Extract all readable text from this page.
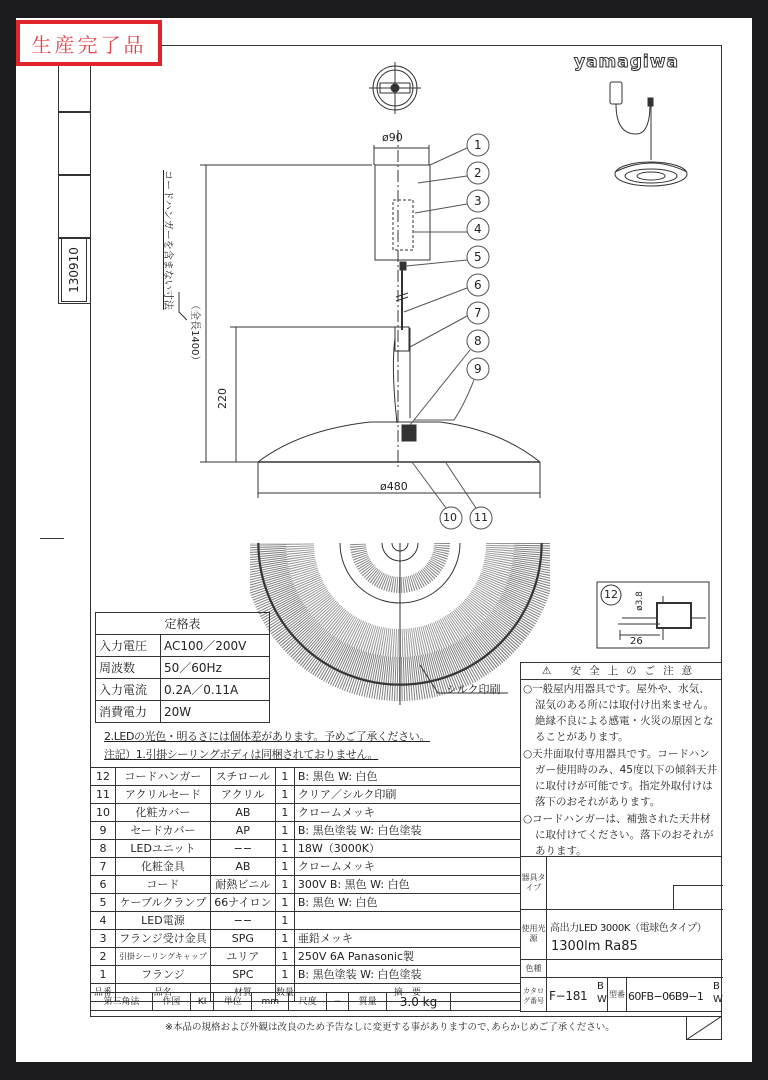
130910
生産完了品
yamagiwa
ø90
ø480
220
（全長1400）
コードハンガーを含まない寸法
1
2
3
4
5
6
7
8
9
10 11
12
シルク印刷
ø3.8
26
定格表	
入力電圧	AC100／200V
周波数	50／60Hz
入力電流	0.2A／0.11A
消費電力	20W
2.LEDの光色・明るさには個体差があります。予めご了承ください。
注記）1.引掛シーリングボディは同梱されておりません。
12	コードハンガー	スチロール	1	B: 黒色 W: 白色
11	アクリルセード	アクリル	1	クリア／シルク印刷
10	化粧カバー	AB	1	クロームメッキ
9	セードカバー	AP	1	B: 黒色塗装 W: 白色塗装
8	LEDユニット	−−	1	18W（3000K）
7	化粧金具	AB	1	クロームメッキ
6	コード	耐熱ビニル	1	300V B: 黒色 W: 白色
5	ケーブルクランプ	66ナイロン	1	B: 黒色 W: 白色
4	LED電源	−−	1	
3	フランジ受け金具	SPG	1	亜鉛メッキ
2	引掛シーリングキャップ	ユリア	1	250V 6A Panasonic製
1	フランジ	SPC	1	B: 黒色塗装 W: 白色塗装
品番	品名	材質	数量	摘　要
第三角法	作図	KI	単位	mm	尺度	−	質量	3.0 kg	
⚠ 安全上のご注意

○一般屋内用器具です。屋外や、水気、湿気のある所には取付け出来ません。絶縁不良による感電・火災の原因となることがあります。

○天井面取付専用器具です。コードハンガー使用時のみ、45度以下の傾斜天井に取付けが可能です。指定外取付けは落下のおそれがあります。

○コードハンガーは、補強された天井材に取付けてください。落下のおそれがあります。

器具タイプ
使用光源
高出力LED 3000K（電球色タイプ）
1300lm Ra85
色種
カタログ番号 F−181
B
W 型番 60FB−06B9−1
B
W
※本品の規格および外観は改良のため予告なしに変更する事がありますので､あらかじめご了承ください｡
